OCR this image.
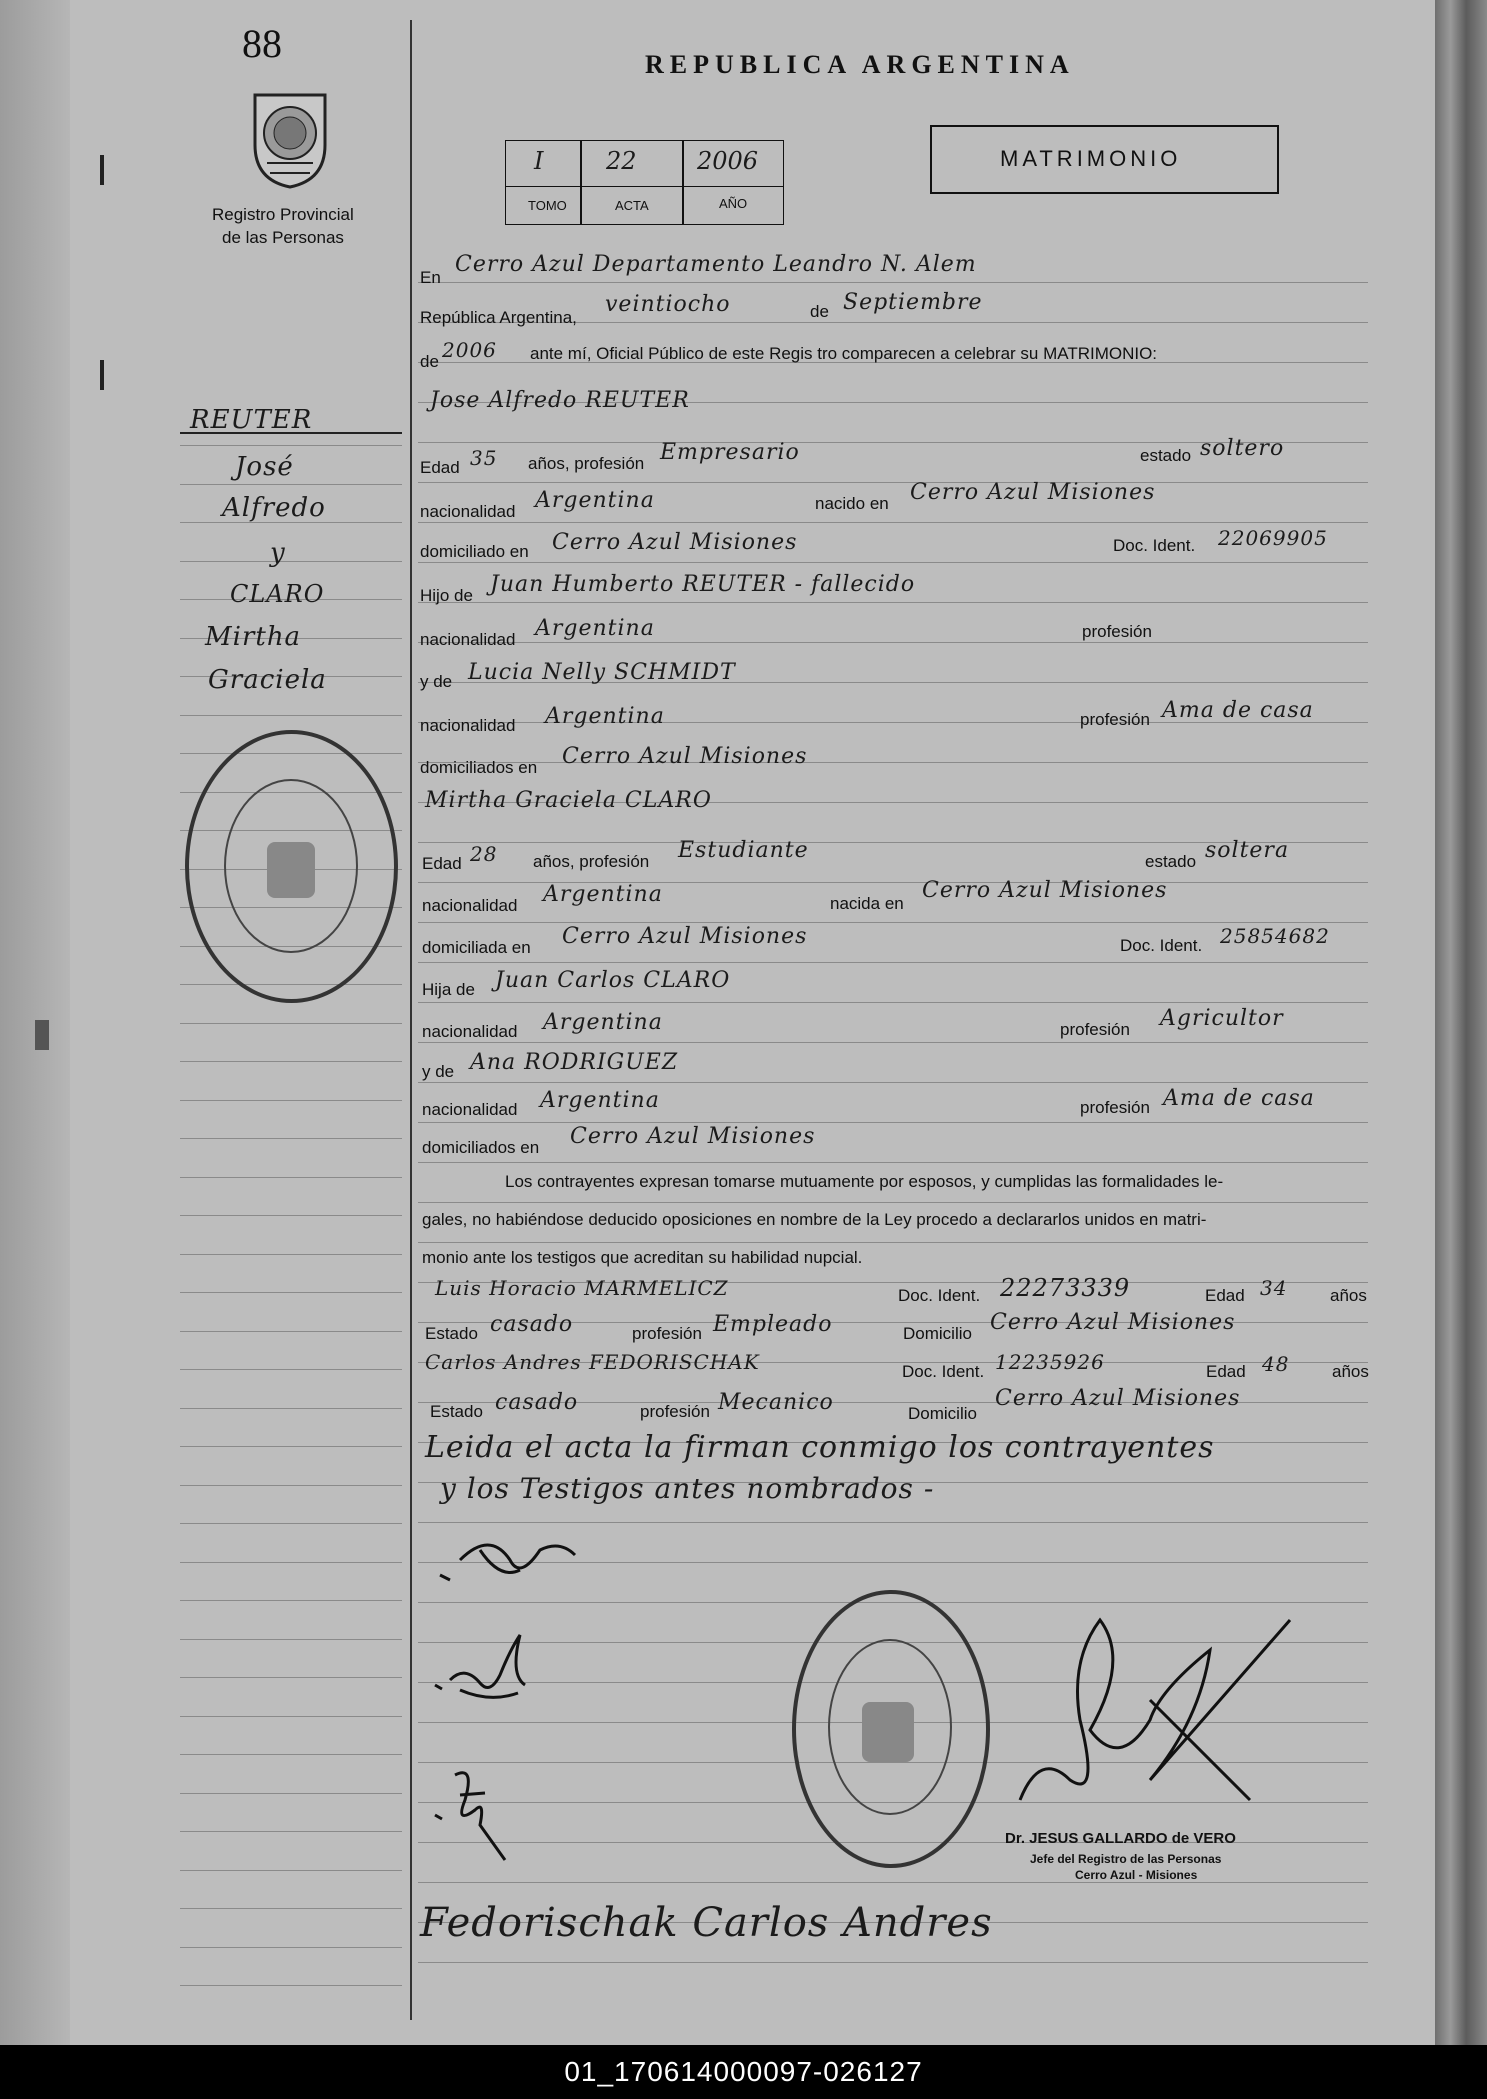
88
Registro Provincial
de las Personas
REPUBLICA ARGENTINA
I	22	2006
TOMO	ACTA	AÑO
MATRIMONIO
REUTER
José
Alfredo
y
CLARO
Mirtha
Graciela
En
Cerro Azul Departamento Leandro N. Alem
República Argentina,
veintiocho	de Septiembre
de 2006 ante mí, Oficial Público de este Regis tro comparecen a celebrar su MATRIMONIO:
Jose Alfredo REUTER
Edad 35 años, profesión Empresario	estado soltero
nacionalidad Argentina	nacido en Cerro Azul Misiones
domiciliado en Cerro Azul Misiones	Doc. Ident. 22069905
Hijo de Juan Humberto REUTER - fallecido
nacionalidad Argentina	profesión
y de Lucia Nelly SCHMIDT
nacionalidad Argentina	profesión Ama de casa
domiciliados en Cerro Azul Misiones
Mirtha Graciela CLARO
Edad 28 años, profesión Estudiante	estado soltera
nacionalidad Argentina	nacida en
Cerro Azul Misiones
domiciliada en Cerro Azul Misiones	Doc. Ident. 25854682
Hija de Juan Carlos CLARO
nacionalidad Argentina	profesión Agricultor
y de Ana RODRIGUEZ
nacionalidad Argentina	profesión Ama de casa
domiciliados en Cerro Azul Misiones
Los contrayentes expresan tomarse mutuamente por esposos, y cumplidas las formalidades le-
gales, no habiéndose deducido oposiciones en nombre de la Ley procedo a declararlos unidos en matri-
monio ante los testigos que acreditan su habilidad nupcial.
Luis Horacio MARMELICZ	Doc. Ident. 22273339	Edad 34	años
Estado casado	profesión Empleado	Domicilio Cerro Azul Misiones
Carlos Andres FEDORISCHAK	Doc. Ident. 12235926	Edad 48	años
Estado casado	profesión Mecanico	Domicilio
Cerro Azul Misiones
Leida el acta la firman conmigo los contrayentes
y los Testigos antes nombrados -
Fedorischak Carlos Andres
Dr. JESUS GALLARDO de VERO
Jefe del Registro de las Personas
Cerro Azul - Misiones
01_170614000097-026127
